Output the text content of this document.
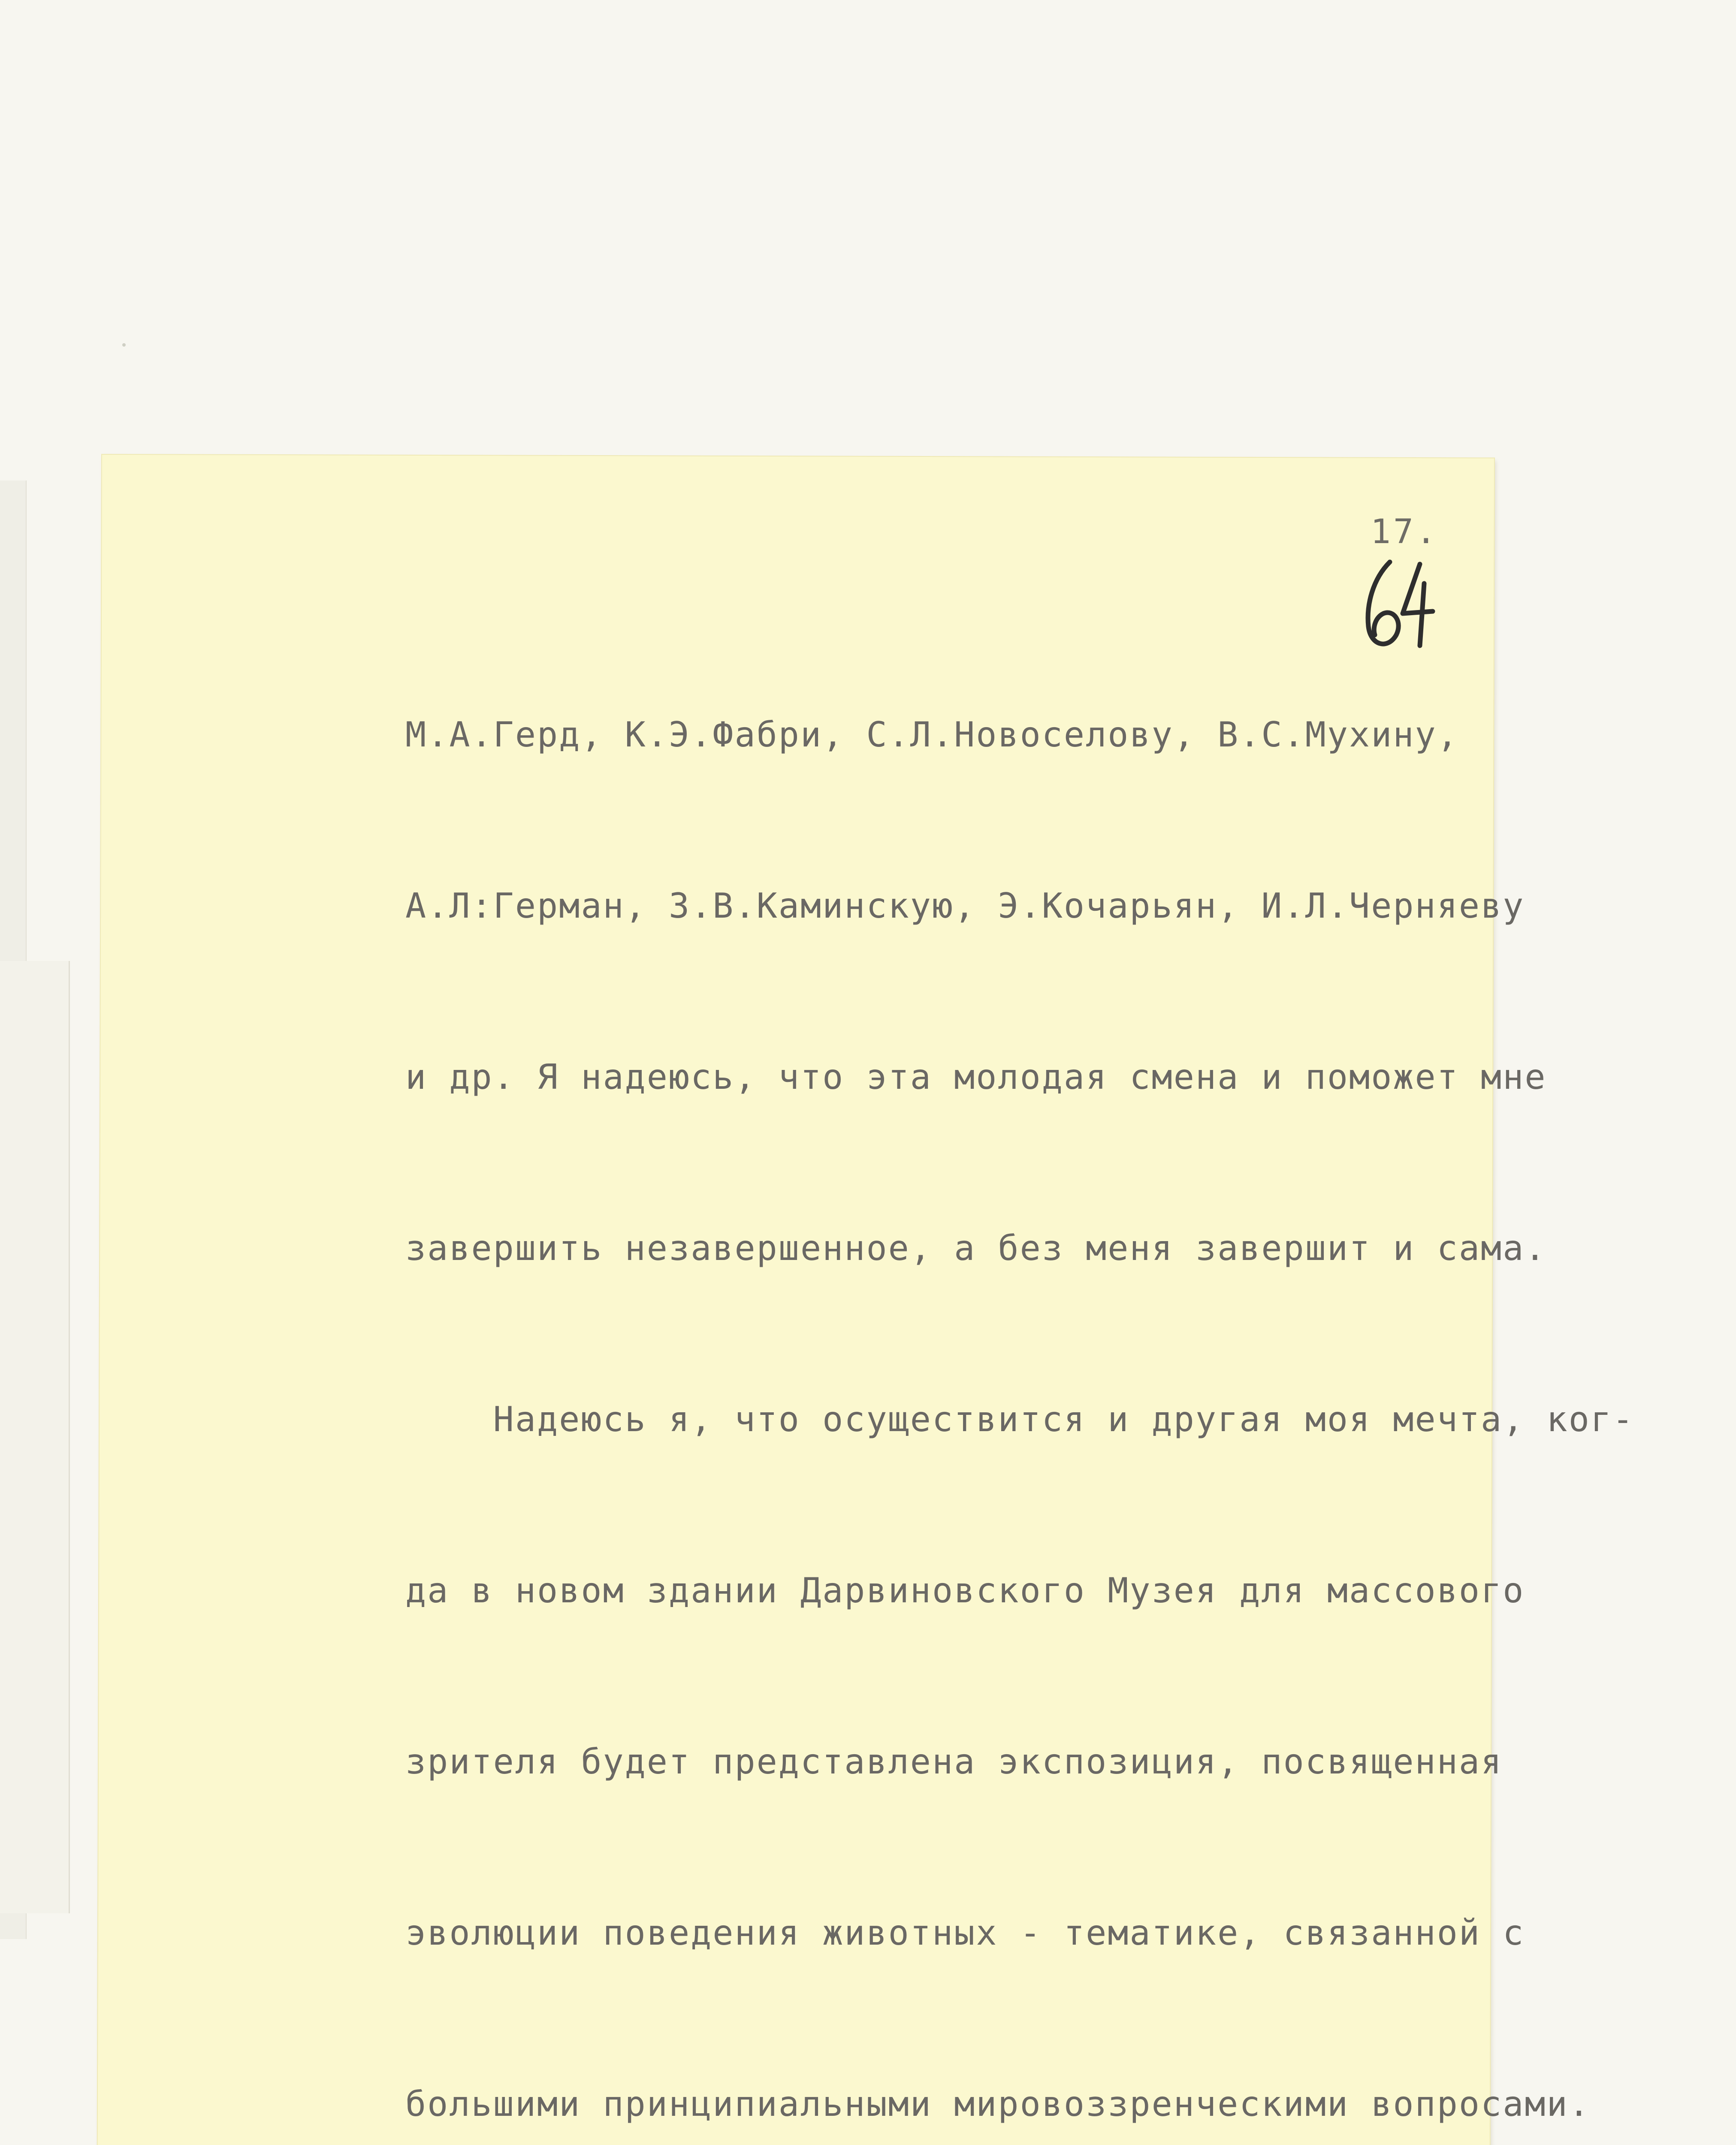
17.

М.А.Герд, К.Э.Фабри, С.Л.Новоселову, В.С.Мухину,

А.Л:Герман, З.В.Каминскую, Э.Кочарьян, И.Л.Черняеву

и др. Я надеюсь, что эта молодая смена и поможет мне

завершить незавершенное, а без меня завершит и сама.

Надеюсь я, что осуществится и другая моя мечта, ког-

да в новом здании Дарвиновского Музея для массового

зрителя будет представлена экспозиция, посвященная

эволюции поведения животных - тематике, связанной с

большими принципиальными мировоззренческими вопросами.
